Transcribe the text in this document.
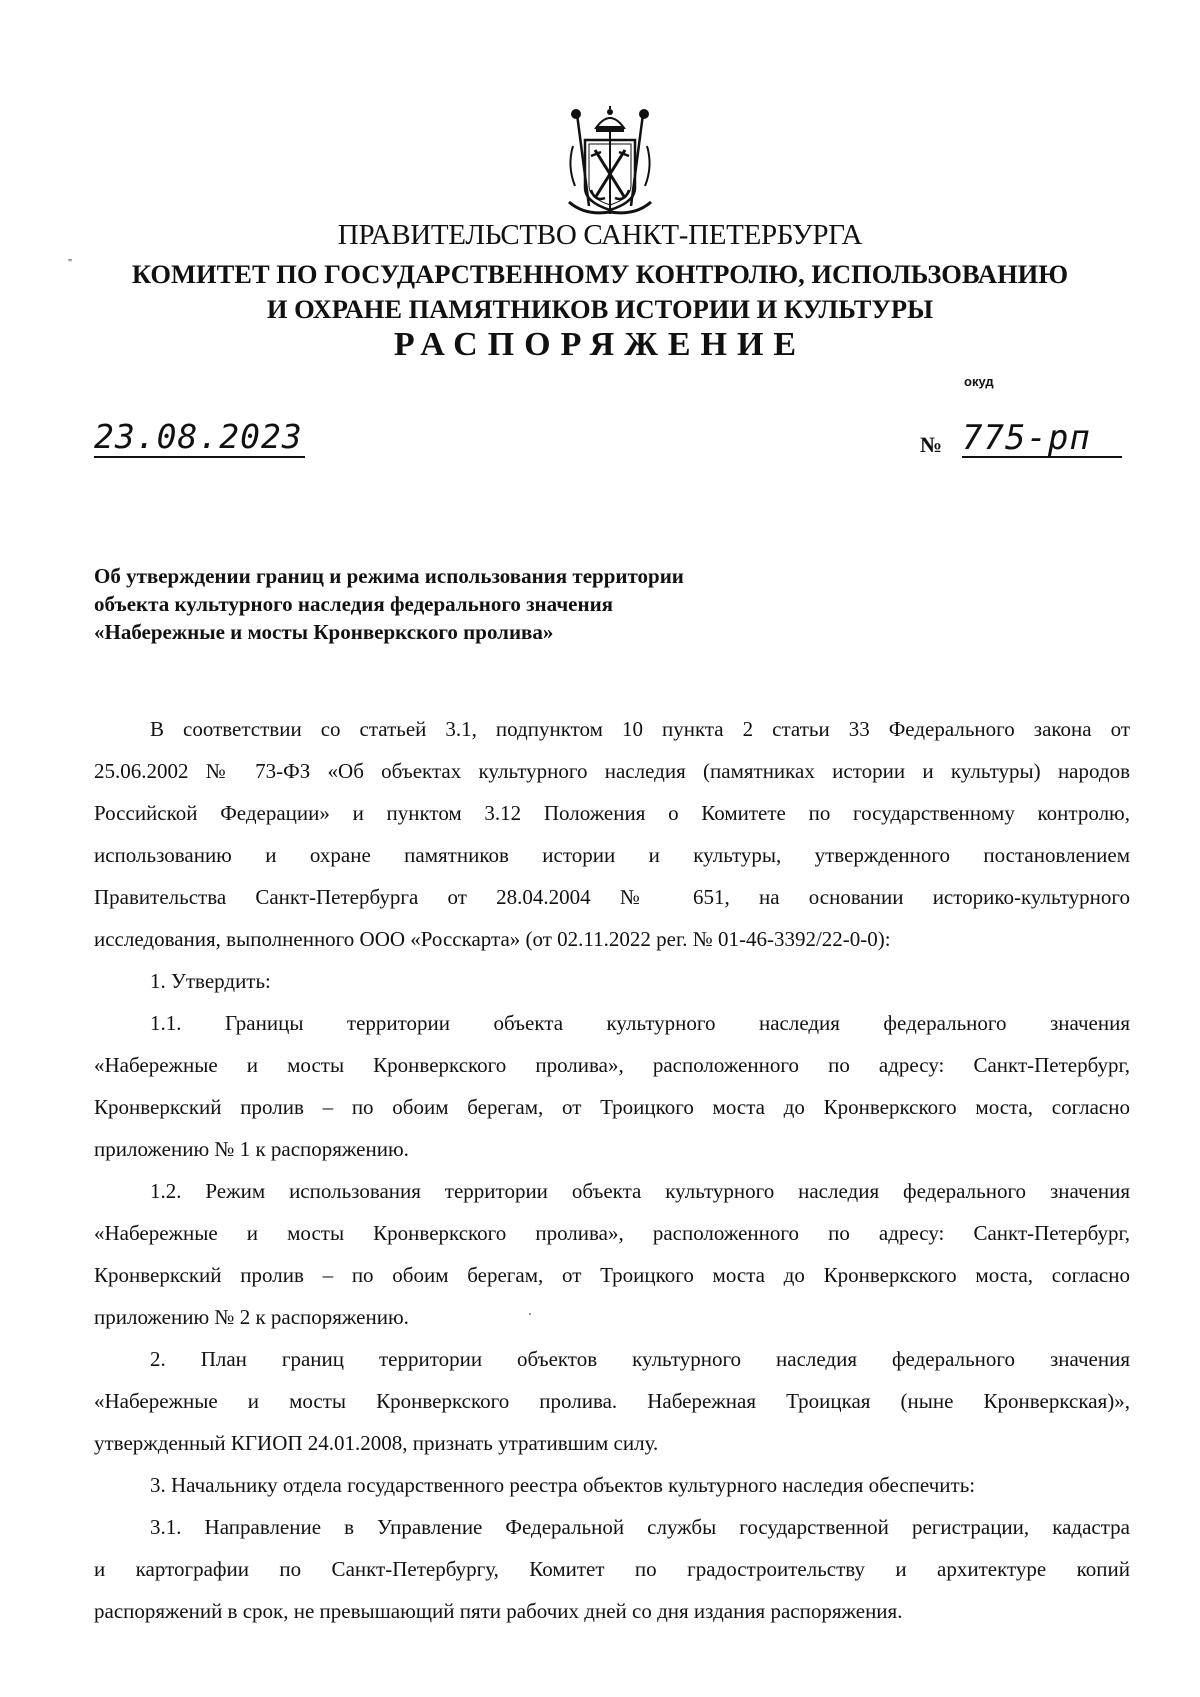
"
ПРАВИТЕЛЬСТВО САНКТ-ПЕТЕРБУРГА
КОМИТЕТ ПО ГОСУДАРСТВЕННОМУ КОНТРОЛЮ, ИСПОЛЬЗОВАНИЮ
И ОХРАНЕ ПАМЯТНИКОВ ИСТОРИИ И КУЛЬТУРЫ
РАСПОРЯЖЕНИЕ
окуд
23.08.2023	№ 775-рп
Об утверждении границ и режима использования территории
объекта культурного наследия федерального значения
«Набережные и мосты Кронверкского пролива»
В соответствии со статьей 3.1, подпунктом 10 пункта 2 статьи 33 Федерального закона от
25.06.2002 № 73-ФЗ «Об объектах культурного наследия (памятниках истории и культуры) народов
Российской Федерации» и пунктом 3.12 Положения о Комитете по государственному контролю,
использованию и охране памятников истории и культуры, утвержденного постановлением
Правительства Санкт-Петербурга от 28.04.2004 № 651, на основании историко-культурного
исследования, выполненного ООО «Росскарта» (от 02.11.2022 рег. № 01-46-3392/22-0-0):
1. Утвердить:
1.1. Границы территории объекта культурного наследия федерального значения
«Набережные и мосты Кронверкского пролива», расположенного по адресу: Санкт-Петербург,
Кронверкский пролив – по обоим берегам, от Троицкого моста до Кронверкского моста, согласно
приложению № 1 к распоряжению.
1.2. Режим использования территории объекта культурного наследия федерального значения
«Набережные и мосты Кронверкского пролива», расположенного по адресу: Санкт-Петербург,
Кронверкский пролив – по обоим берегам, от Троицкого моста до Кронверкского моста, согласно
приложению № 2 к распоряжению.
2. План границ территории объектов культурного наследия федерального значения
«Набережные и мосты Кронверкского пролива. Набережная Троицкая (ныне Кронверкская)»,
утвержденный КГИОП 24.01.2008, признать утратившим силу.
3. Начальнику отдела государственного реестра объектов культурного наследия обеспечить:
3.1. Направление в Управление Федеральной службы государственной регистрации, кадастра
и картографии по Санкт-Петербургу, Комитет по градостроительству и архитектуре копий
распоряжений в срок, не превышающий пяти рабочих дней со дня издания распоряжения.
